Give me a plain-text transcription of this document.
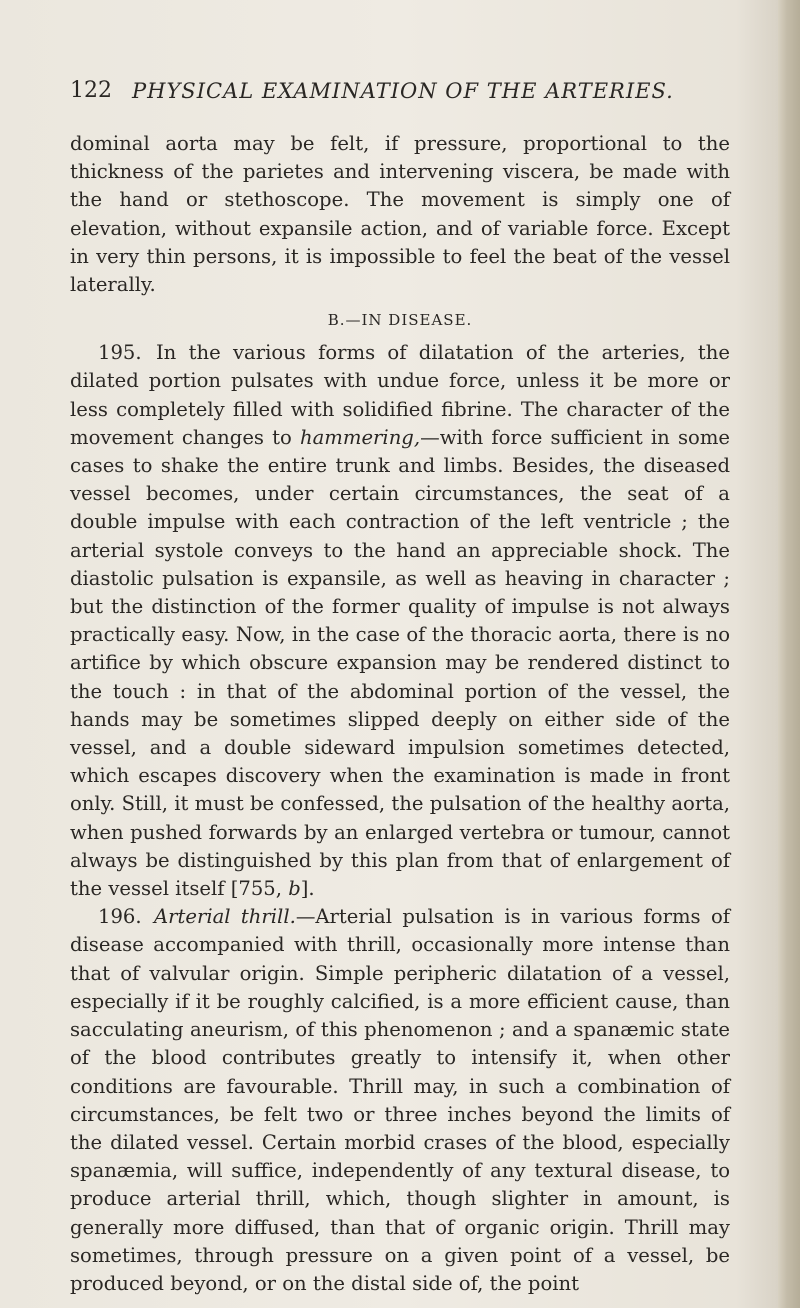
122 PHYSICAL EXAMINATION OF THE ARTERIES.

dominal aorta may be felt, if pressure, proportional to the thickness of the parietes and intervening viscera, be made with the hand or stethoscope. The movement is simply one of elevation, without expansile action, and of variable force. Except in very thin persons, it is impossible to feel the beat of the vessel laterally.

B.—IN DISEASE.

195. In the various forms of dilatation of the arteries, the dilated portion pulsates with undue force, unless it be more or less completely filled with solidified fibrine. The character of the movement changes to hammering,—with force sufficient in some cases to shake the entire trunk and limbs. Besides, the diseased vessel becomes, under certain circumstances, the seat of a double impulse with each contraction of the left ventricle ; the arterial systole conveys to the hand an appreciable shock. The diastolic pulsation is expansile, as well as heaving in character ; but the distinction of the former quality of impulse is not always practically easy. Now, in the case of the thoracic aorta, there is no artifice by which obscure expansion may be rendered distinct to the touch : in that of the abdominal portion of the vessel, the hands may be sometimes slipped deeply on either side of the vessel, and a double sideward impulsion sometimes detected, which escapes discovery when the examination is made in front only. Still, it must be confessed, the pulsation of the healthy aorta, when pushed forwards by an enlarged vertebra or tumour, cannot always be distinguished by this plan from that of enlargement of the vessel itself [755, b].

196. Arterial thrill.—Arterial pulsation is in various forms of disease accompanied with thrill, occasionally more intense than that of valvular origin. Simple peripheric dilatation of a vessel, especially if it be roughly calcified, is a more efficient cause, than sacculating aneurism, of this phenomenon ; and a spanæmic state of the blood contributes greatly to intensify it, when other conditions are favourable. Thrill may, in such a combination of circumstances, be felt two or three inches beyond the limits of the dilated vessel. Certain morbid crases of the blood, especially spanæmia, will suffice, independently of any textural disease, to produce arterial thrill, which, though slighter in amount, is generally more diffused, than that of organic origin. Thrill may sometimes, through pressure on a given point of a vessel, be produced beyond, or on the distal side of, the point
